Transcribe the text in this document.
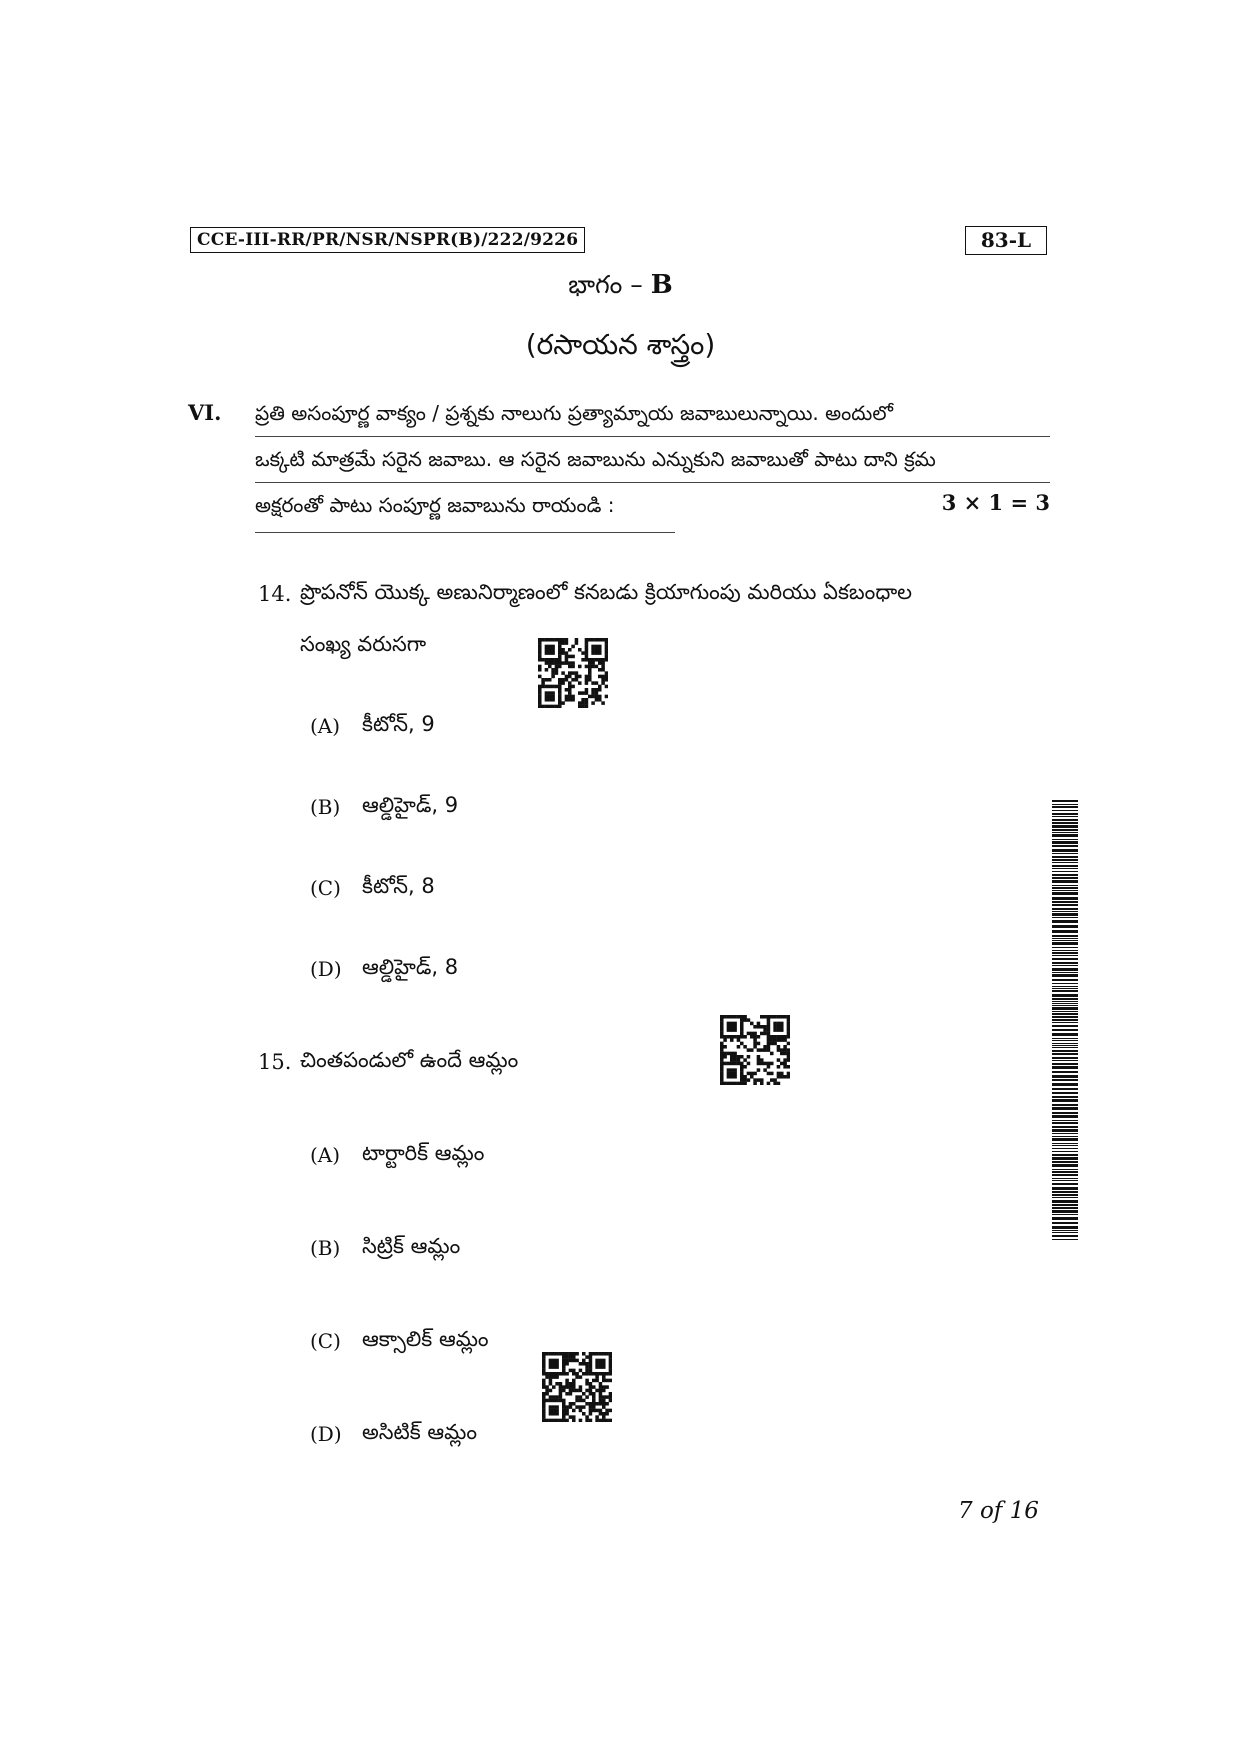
CCE-III-RR/PR/NSR/NSPR(B)/222/9226	83-L
భాగం – B
(రసాయన శాస్త్రం)
VI. ప్రతి అసంపూర్ణ వాక్యం / ప్రశ్నకు నాలుగు ప్రత్యామ్నాయ జవాబులున్నాయి. అందులో
ఒక్కటి మాత్రమే సరైన జవాబు. ఆ సరైన జవాబును ఎన్నుకుని జవాబుతో పాటు దాని క్రమ
అక్షరంతో పాటు సంపూర్ణ జవాబును రాయండి :	3 × 1 = 3
14. ప్రొపనోన్ యొక్క అణునిర్మాణంలో కనబడు క్రియాగుంపు మరియు ఏకబంధాల
సంఖ్య వరుసగా
(A) కీటోన్, 9
(B) ఆల్డిహైడ్, 9
(C) కీటోన్, 8
(D) ఆల్డిహైడ్, 8
15. చింతపండులో ఉందే ఆమ్లం
(A) టార్టారిక్ ఆమ్లం
(B) సిట్రిక్ ఆమ్లం
(C) ఆక్సాలిక్ ఆమ్లం
(D) అసిటిక్ ఆమ్లం
7 of 16
